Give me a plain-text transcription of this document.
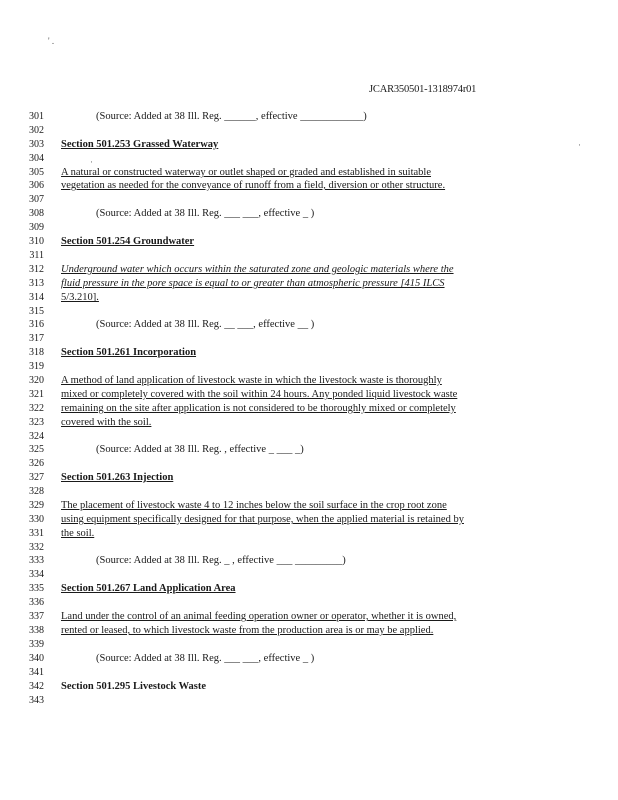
' .
JCAR350501-1318974r01
·
·
301
302
303
304
305
306
307
308
309
310
311
312
313
314
315
316
317
318
319
320
321
322
323
324
325
326
327
328
329
330
331
332
333
334
335
336
337
338
339
340
341
342
343
(Source: Added at 38 Ill. Reg. ______, effective ____________)
Section 501.253 Grassed Waterway
A natural or constructed waterway or outlet shaped or graded and established in suitable
vegetation as needed for the conveyance of runoff from a field, diversion or other structure.
(Source: Added at 38 Ill. Reg. ___ ___, effective _ )
Section 501.254 Groundwater
Underground water which occurs within the saturated zone and geologic materials where the
fluid pressure in the pore space is equal to or greater than atmospheric pressure [415 ILCS
5/3.210].
(Source: Added at 38 Ill. Reg. __ ___, effective __ )
Section 501.261 Incorporation
A method of land application of livestock waste in which the livestock waste is thoroughly
mixed or completely covered with the soil within 24 hours. Any ponded liquid livestock waste
remaining on the site after application is not considered to be thoroughly mixed or completely
covered with the soil.
(Source: Added at 38 Ill. Reg. , effective _ ___ _)
Section 501.263 Injection
The placement of livestock waste 4 to 12 inches below the soil surface in the crop root zone
using equipment specifically designed for that purpose, when the applied material is retained by
the soil.
(Source: Added at 38 Ill. Reg. _ , effective ___ _________)
Section 501.267 Land Application Area
Land under the control of an animal feeding operation owner or operator, whether it is owned,
rented or leased, to which livestock waste from the production area is or may be applied.
(Source: Added at 38 Ill. Reg. ___ ___, effective _ )
Section 501.295 Livestock Waste
